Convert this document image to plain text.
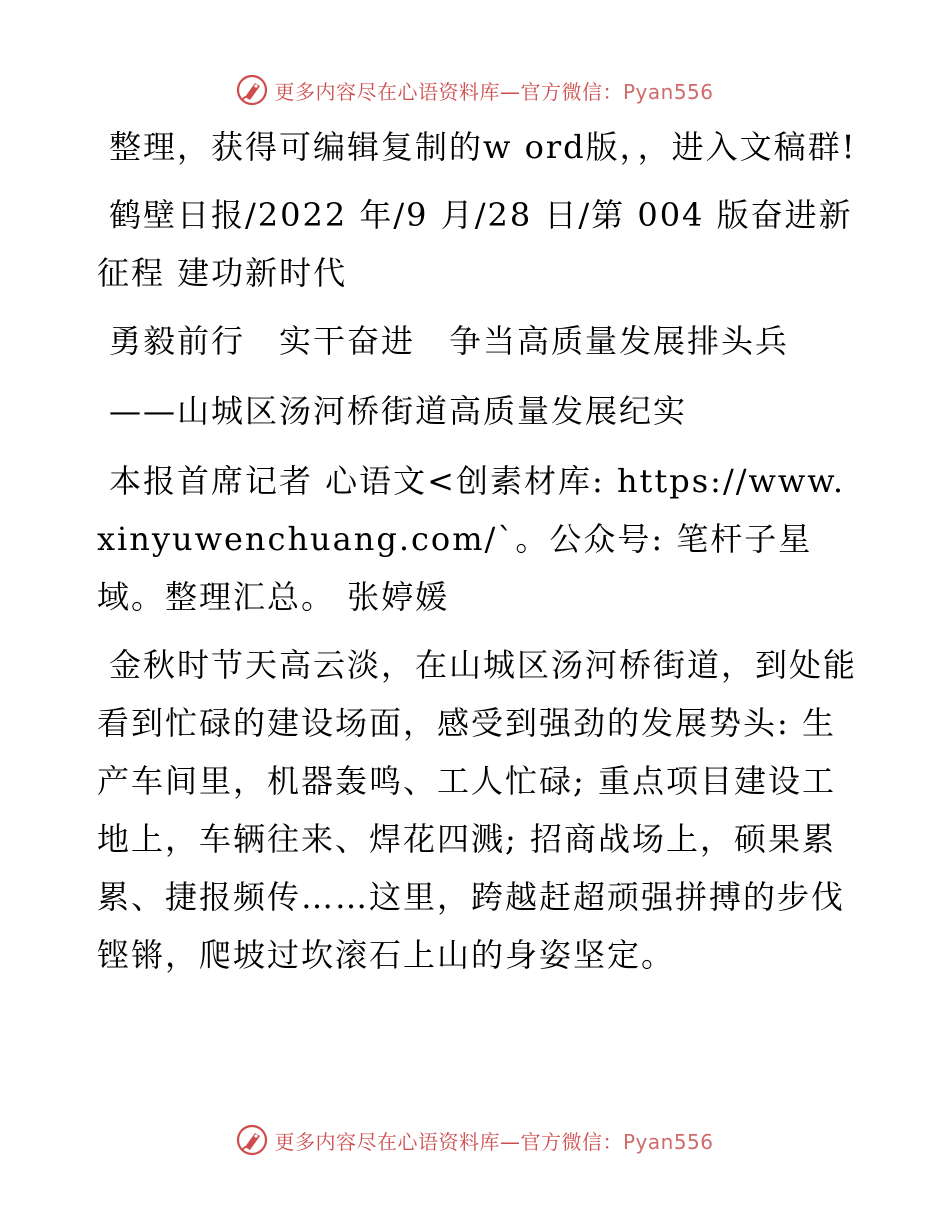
更多内容尽在心语资料库—官方微信：Pyan556

整理，获得可编辑复制的w ord版，，进入文稿群!

鹤壁日报/2022 年/9 月/28 日/第 004 版奋进新征程 建功新时代

勇毅前行　实干奋进　争当高质量发展排头兵

——山城区汤河桥街道高质量发展纪实

本报首席记者 心语文<创素材库: https://www.xinyuwenchuang.com/`。公众号: 笔杆子星域。整理汇总。 张婷媛

金秋时节天高云淡，在山城区汤河桥街道，到处能看到忙碌的建设场面，感受到强劲的发展势头: 生产车间里，机器轰鸣、工人忙碌; 重点项目建设工地上，车辆往来、焊花四溅; 招商战场上，硕果累累、捷报频传……这里，跨越赶超顽强拼搏的步伐铿锵，爬坡过坎滚石上山的身姿坚定。

更多内容尽在心语资料库—官方微信：Pyan556
